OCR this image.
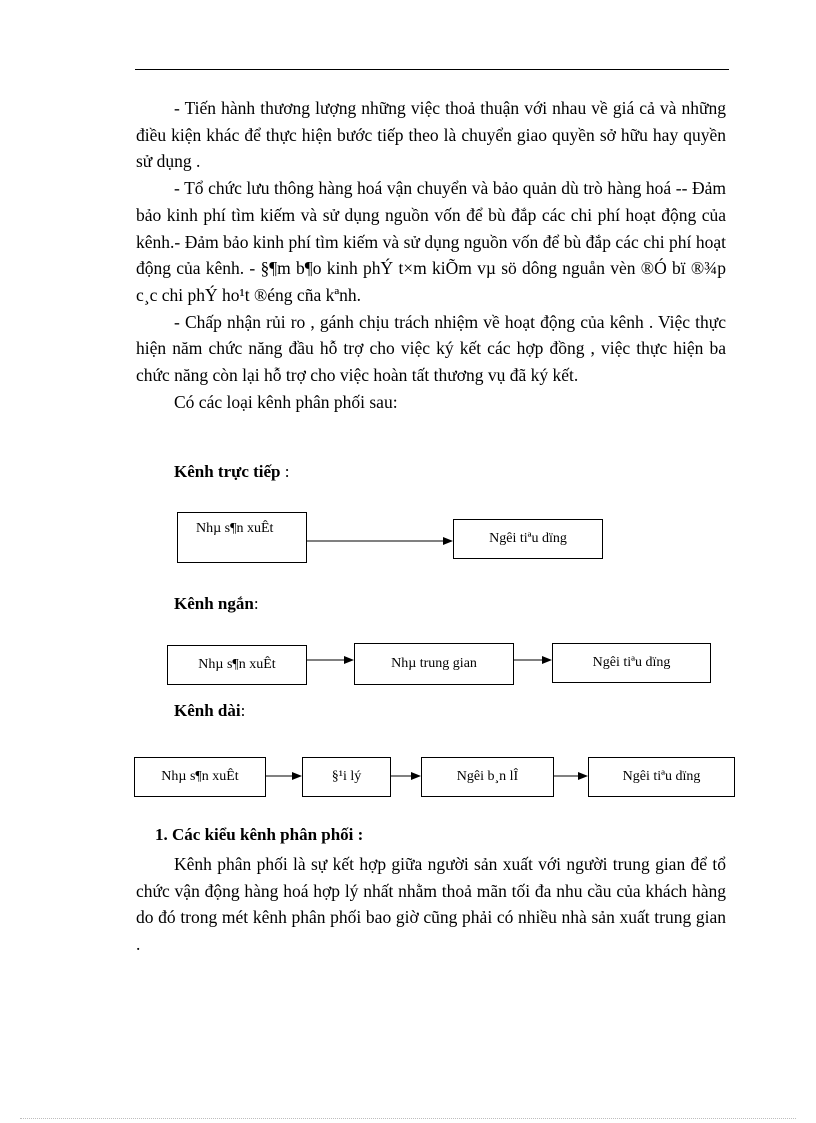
- Tiến hành thương lượng những việc thoả thuận với nhau về giá cả và những điều kiện khác để thực hiện bước tiếp theo là chuyển giao quyền sở hữu hay quyền sử dụng .

- Tổ chức lưu thông hàng hoá vận chuyển và bảo quản dù trò hàng hoá -- Đảm bảo kinh phí tìm kiếm và sử dụng nguồn vốn để bù đắp các chi phí hoạt động của kênh.- Đảm bảo kinh phí tìm kiếm và sử dụng nguồn vốn để bù đắp các chi phí hoạt động của kênh. - §¶m b¶o kinh phÝ t×m kiÕm vµ sö dông nguån vèn ®Ó bï ®¾p c¸c chi phÝ ho¹t ®éng cña kªnh.

- Chấp nhận rủi ro , gánh chịu trách nhiệm về hoạt động của kênh . Việc thực hiện năm chức năng đầu hỗ trợ cho việc ký kết các hợp đồng , việc thực hiện ba chức năng còn lại hỗ trợ cho việc hoàn tất thương vụ đã ký kết.

Có các loại kênh phân phối sau:

Kênh trực tiếp :
Nhµ s¶n xuÊt
Ngêi tiªu dïng
Kênh ngắn:
Nhµ s¶n xuÊt	Nhµ trung gian	Ngêi tiªu dïng
Kênh dài:
Nhµ s¶n xuÊt	§¹i lý	Ngêi b¸n lÎ	Ngêi tiªu dïng
1. Các kiểu kênh phân phối :

Kênh phân phối là sự kết hợp giữa người sản xuất với người trung gian để tổ chức vận động hàng hoá hợp lý nhất nhằm thoả mãn tối đa nhu cầu của khách hàng do đó trong mét kênh phân phối bao giờ cũng phải có nhiều nhà sản xuất trung gian .
